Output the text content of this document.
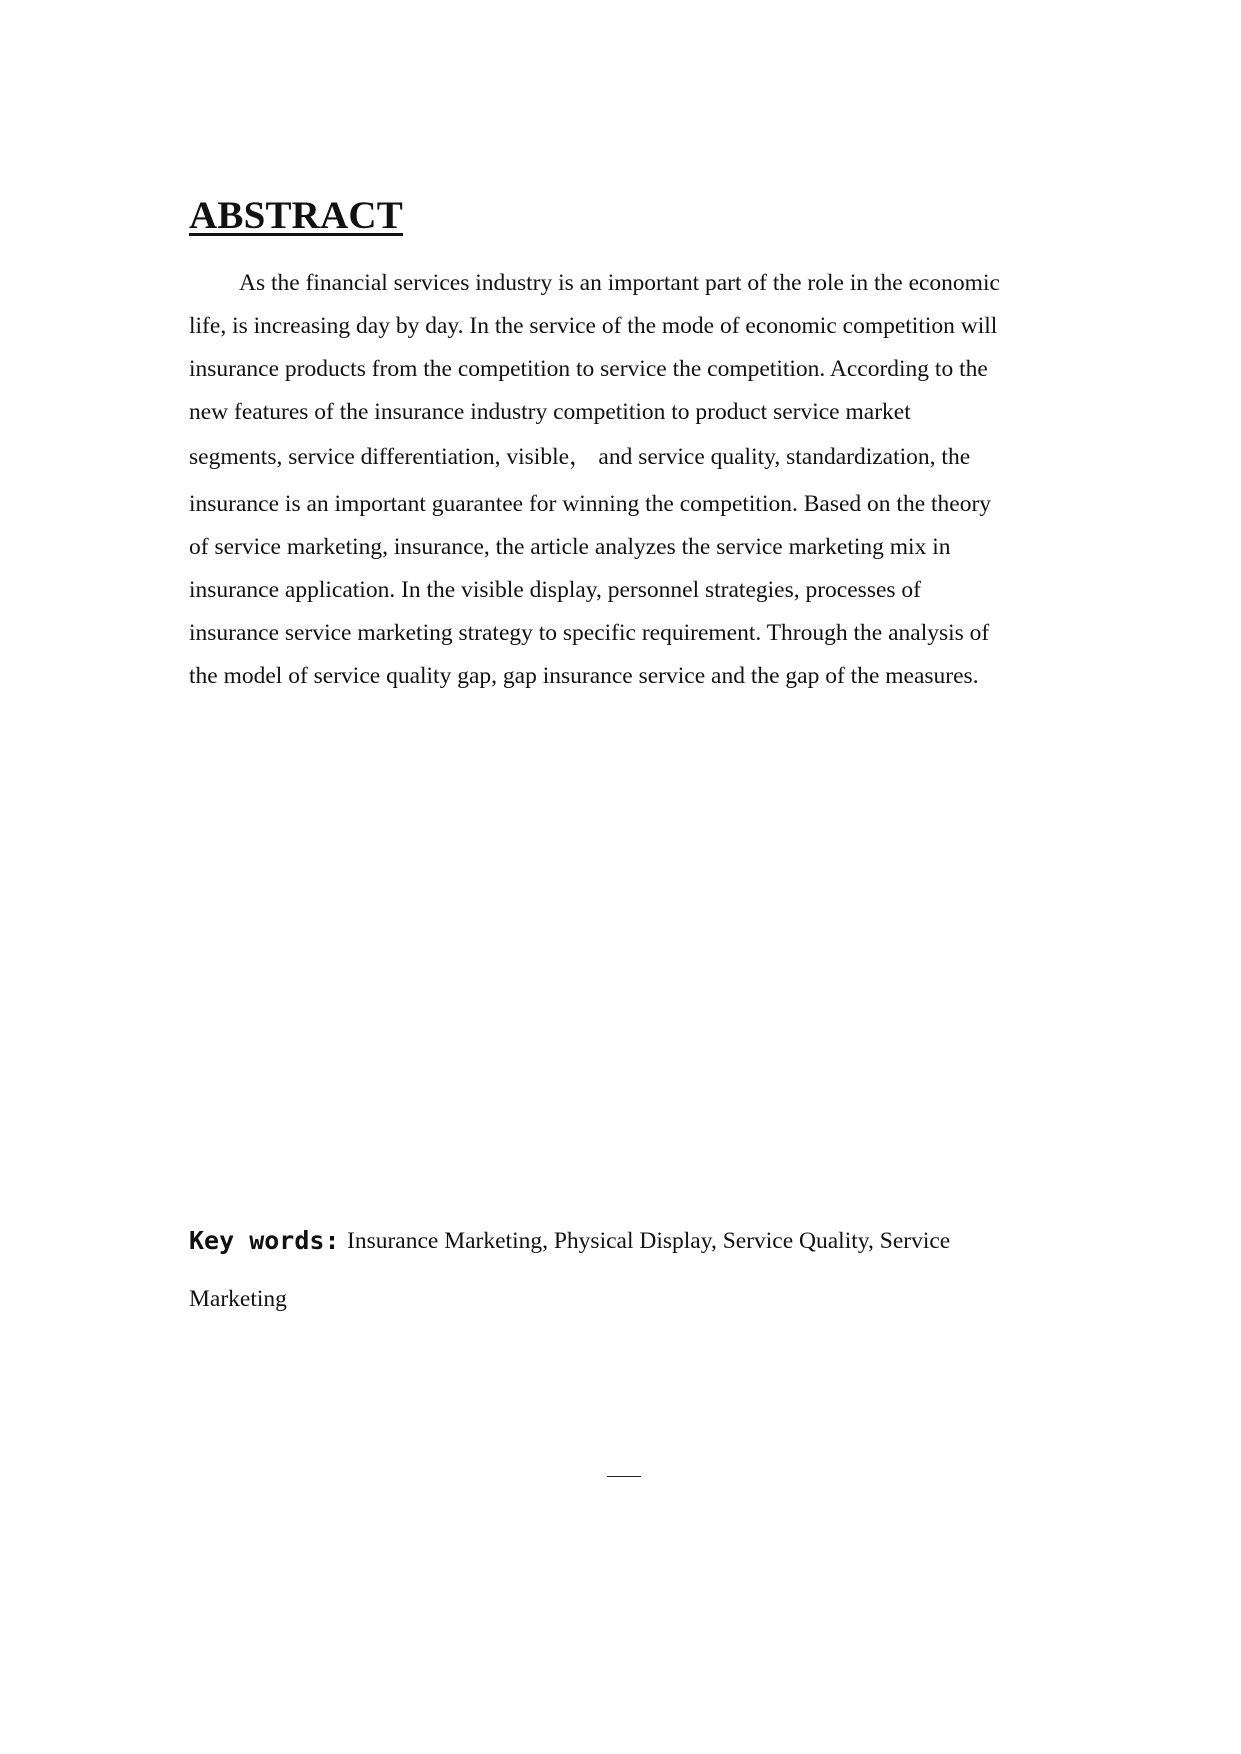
ABSTRACT
As the financial services industry is an important part of the role in the economic
life, is increasing day by day. In the service of the mode of economic competition will
insurance products from the competition to service the competition. According to the
new features of the insurance industry competition to product service market
segments, service differentiation, visible， and service quality, standardization, the
insurance is an important guarantee for winning the competition. Based on the theory
of service marketing, insurance, the article analyzes the service marketing mix in
insurance application. In the visible display, personnel strategies, processes of
insurance service marketing strategy to specific requirement. Through the analysis of
the model of service quality gap, gap insurance service and the gap of the measures.
Key words: Insurance Marketing, Physical Display, Service Quality, Service
Marketing
